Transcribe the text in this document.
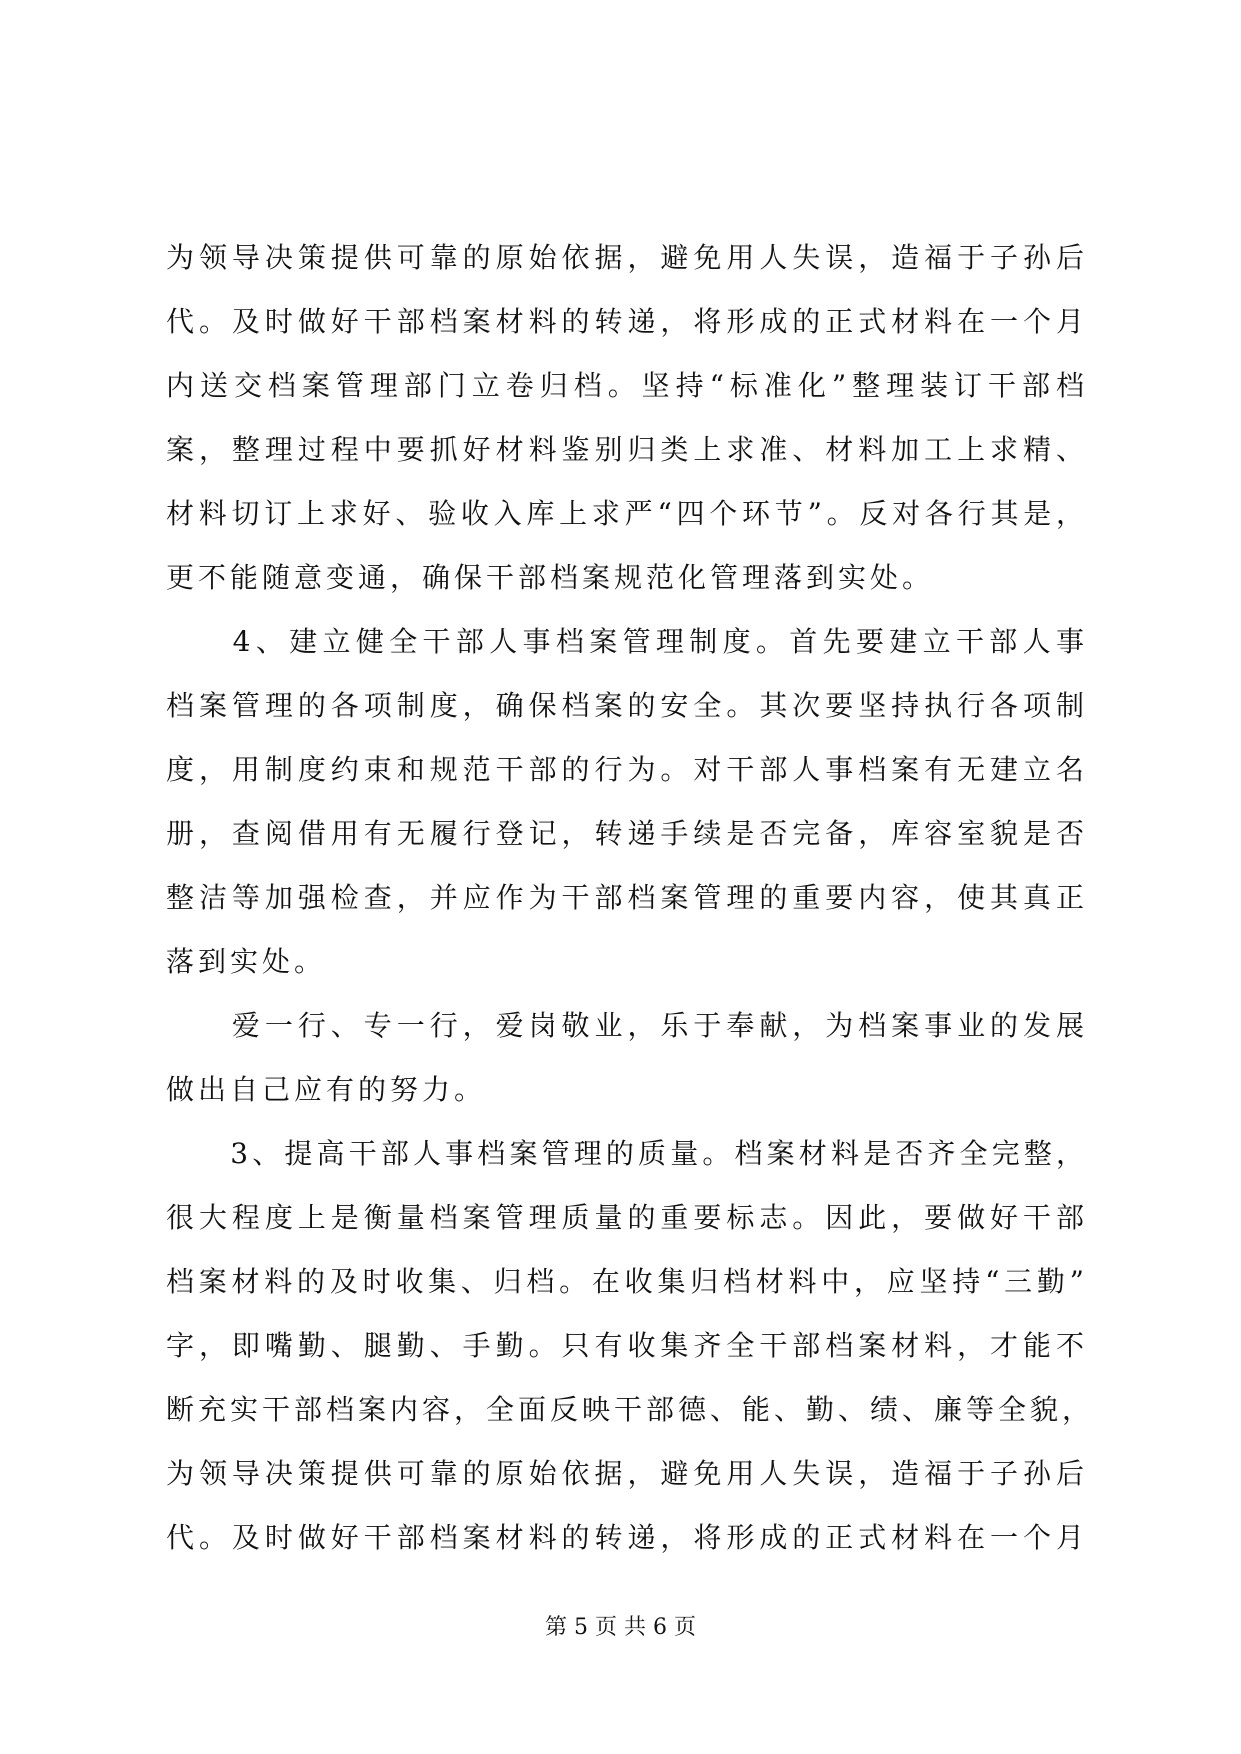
为领导决策提供可靠的原始依据，避免用人失误，造福于子孙后
代。及时做好干部档案材料的转递，将形成的正式材料在一个月
内送交档案管理部门立卷归档。坚持“标准化”整理装订干部档
案，整理过程中要抓好材料鉴别归类上求准、材料加工上求精、
材料切订上求好、验收入库上求严“四个环节”。反对各行其是，
更不能随意变通，确保干部档案规范化管理落到实处。
　　4、建立健全干部人事档案管理制度。首先要建立干部人事
档案管理的各项制度，确保档案的安全。其次要坚持执行各项制
度，用制度约束和规范干部的行为。对干部人事档案有无建立名
册，查阅借用有无履行登记，转递手续是否完备，库容室貌是否
整洁等加强检查，并应作为干部档案管理的重要内容，使其真正
落到实处。
　　爱一行、专一行，爱岗敬业，乐于奉献，为档案事业的发展
做出自己应有的努力。
　　3、提高干部人事档案管理的质量。档案材料是否齐全完整，
很大程度上是衡量档案管理质量的重要标志。因此，要做好干部
档案材料的及时收集、归档。在收集归档材料中，应坚持“三勤”
字，即嘴勤、腿勤、手勤。只有收集齐全干部档案材料，才能不
断充实干部档案内容，全面反映干部德、能、勤、绩、廉等全貌，
为领导决策提供可靠的原始依据，避免用人失误，造福于子孙后
代。及时做好干部档案材料的转递，将形成的正式材料在一个月
第 5 页 共 6 页
